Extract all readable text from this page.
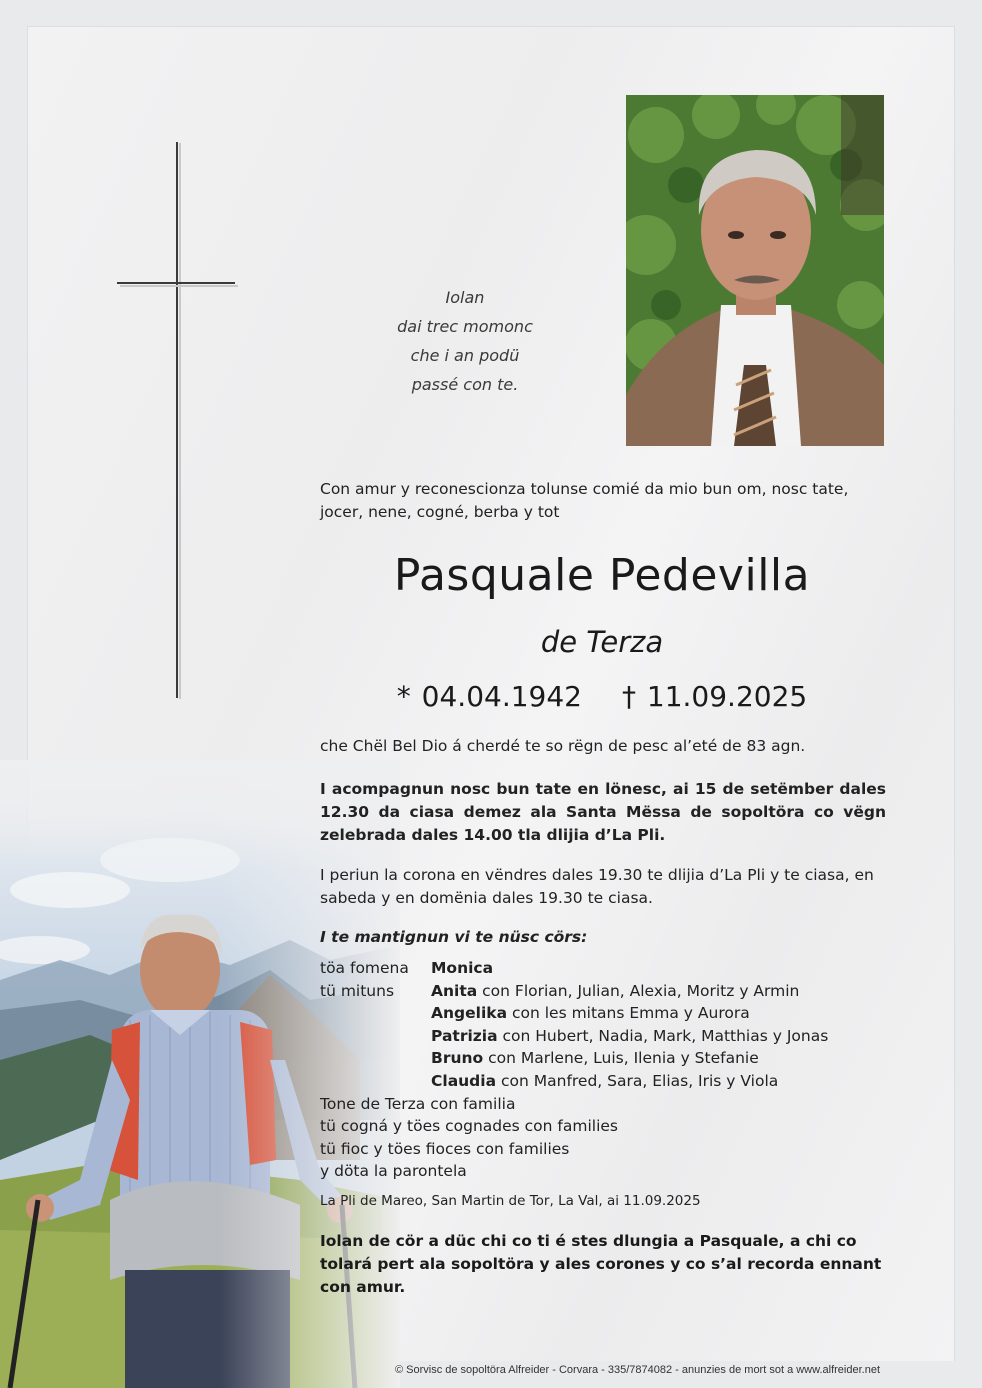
Iolan
dai trec momonc
che i an podü
passé con te.
Con amur y reconescionza tolunse comié da mio bun om, nosc tate, jocer, nene, cogné, berba y tot
Pasquale Pedevilla
de Terza
* 04.04.1942 † 11.09.2025
che Chël Bel Dio á cherdé te so rëgn de pesc al’eté de 83 agn.
I acompagnun nosc bun tate en lönesc, ai 15 de setëmber dales 12.30 da ciasa demez ala Santa Mëssa de sopoltöra co vëgn zelebrada dales 14.00 tla dlijia d’La Pli.
I periun la corona en vëndres dales 19.30 te dlijia d’La Pli y te ciasa, en sabeda y en domënia dales 19.30 te ciasa.
I te mantignun vi te nüsc cörs:
töa fomena Monica
tü mituns Anita con Florian, Julian, Alexia, Moritz y Armin
Angelika con les mitans Emma y Aurora
Patrizia con Hubert, Nadia, Mark, Matthias y Jonas
Bruno con Marlene, Luis, Ilenia y Stefanie
Claudia con Manfred, Sara, Elias, Iris y Viola
Tone de Terza con familia
tü cogná y töes cognades con families
tü fioc y töes fioces con families
y döta la parontela
La Pli de Mareo, San Martin de Tor, La Val, ai 11.09.2025
Iolan de cör a düc chi co ti é stes dlungia a Pasquale, a chi co tolará pert ala sopoltöra y ales corones y co s’al recorda ennant con amur.
© Sorvisc de sopoltöra Alfreider - Corvara - 335/7874082 - anunzies de mort sot a www.alfreider.net
